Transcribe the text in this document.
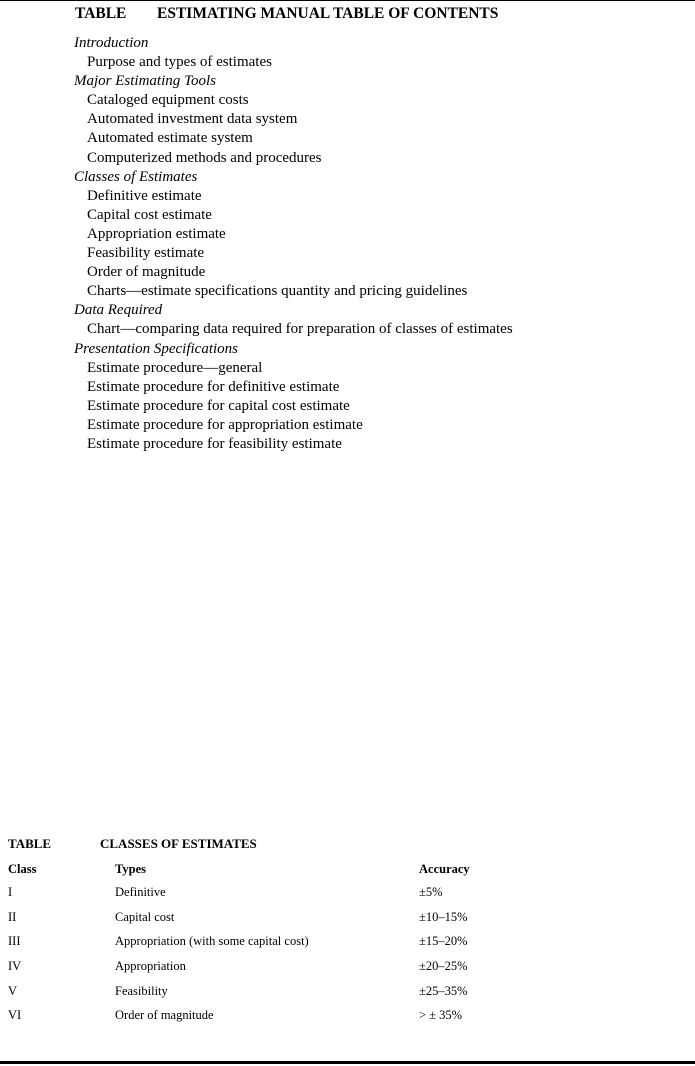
TABLE ESTIMATING MANUAL TABLE OF CONTENTS
Introduction
Purpose and types of estimates
Major Estimating Tools
Cataloged equipment costs
Automated investment data system
Automated estimate system
Computerized methods and procedures
Classes of Estimates
Definitive estimate
Capital cost estimate
Appropriation estimate
Feasibility estimate
Order of magnitude
Charts—estimate specifications quantity and pricing guidelines
Data Required
Chart—comparing data required for preparation of classes of estimates
Presentation Specifications
Estimate procedure—general
Estimate procedure for definitive estimate
Estimate procedure for capital cost estimate
Estimate procedure for appropriation estimate
Estimate procedure for feasibility estimate
TABLE	CLASSES OF ESTIMATES
Class	Types	Accuracy
I	Definitive	±5%
II	Capital cost	±10–15%
III	Appropriation (with some capital cost)	±15–20%
IV	Appropriation	±20–25%
V	Feasibility	±25–35%
VI	Order of magnitude	> ± 35%
